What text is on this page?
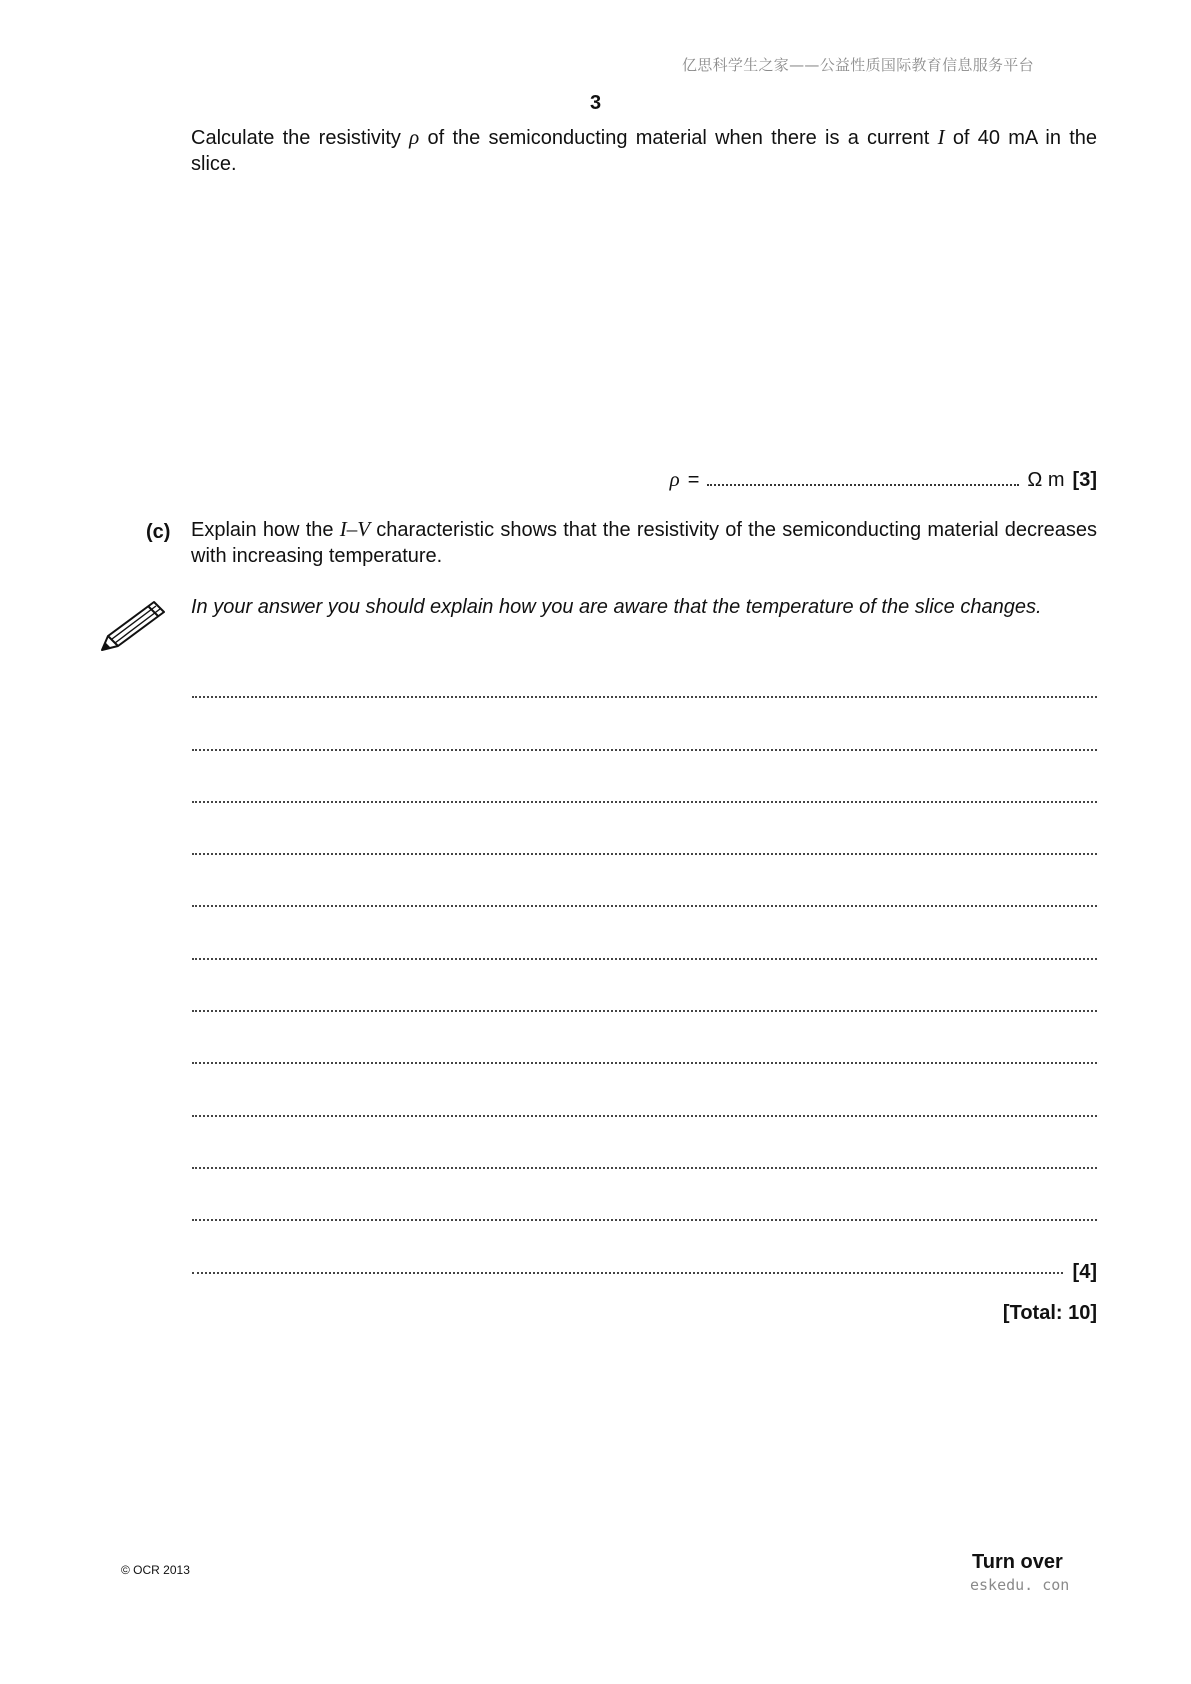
亿思科学生之家——公益性质国际教育信息服务平台
3
Calculate the resistivity ρ of the semiconducting material when there is a current I of 40 mA in the slice.
ρ =	Ω m [3]
(c) Explain how the I–V characteristic shows that the resistivity of the semiconducting material decreases with increasing temperature.
In your answer you should explain how you are aware that the temperature of the slice changes.
[4]
[Total: 10]
© OCR 2013	Turn over
eskedu. con
